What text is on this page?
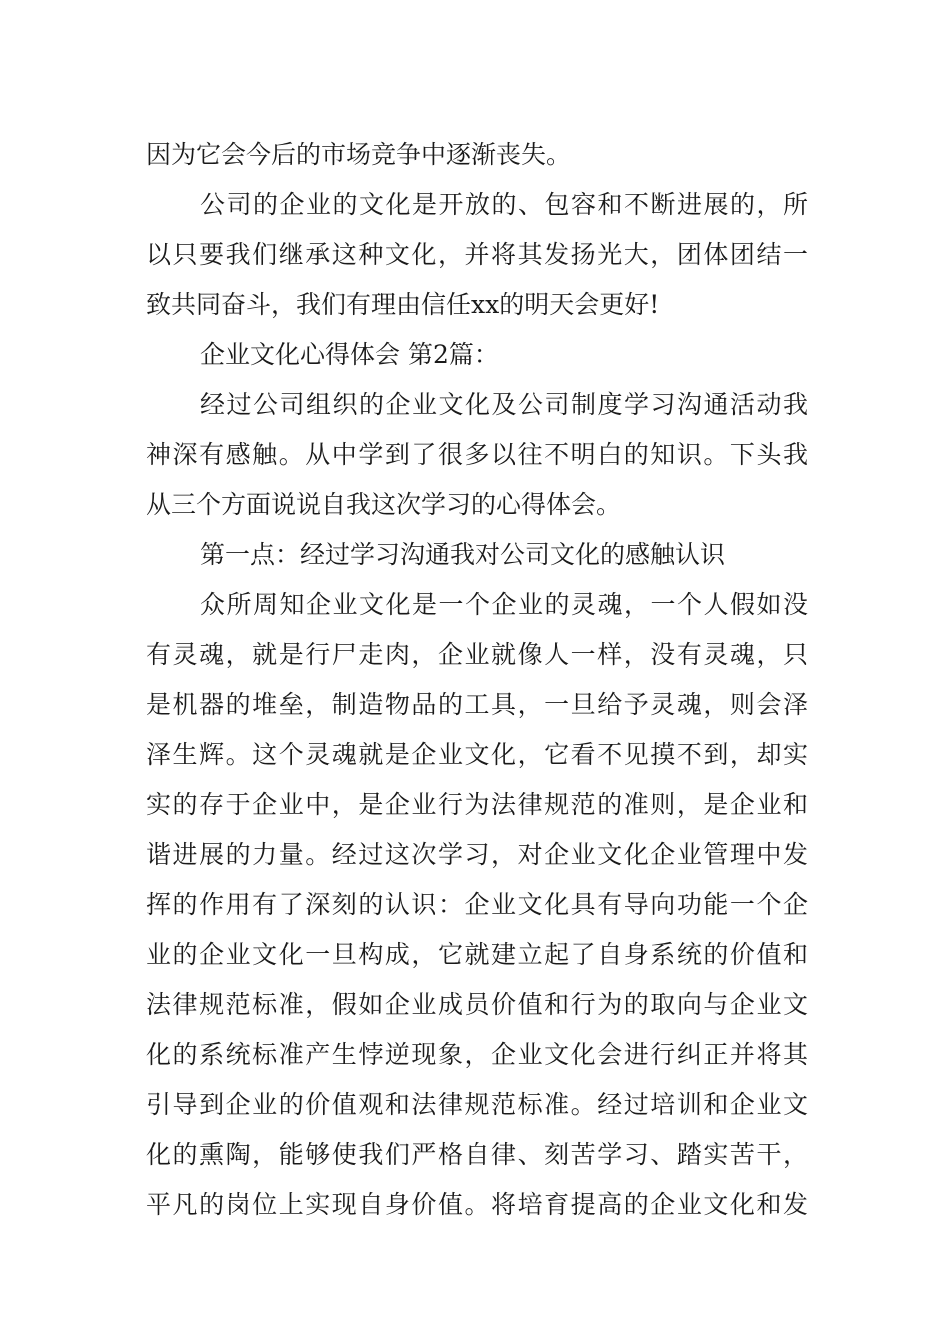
因为它会今后的市场竞争中逐渐丧失。
公司的企业的文化是开放的、包容和不断进展的，所
以只要我们继承这种文化，并将其发扬光大，团体团结一
致共同奋斗，我们有理由信任xx的明天会更好!
企业文化心得体会 第2篇：
经过公司组织的企业文化及公司制度学习沟通活动我
神深有感触。从中学到了很多以往不明白的知识。下头我
从三个方面说说自我这次学习的心得体会。
第一点：经过学习沟通我对公司文化的感触认识
众所周知企业文化是一个企业的灵魂，一个人假如没
有灵魂，就是行尸走肉，企业就像人一样，没有灵魂，只
是机器的堆垒，制造物品的工具，一旦给予灵魂，则会泽
泽生辉。这个灵魂就是企业文化，它看不见摸不到，却实
实的存于企业中，是企业行为法律规范的准则，是企业和
谐进展的力量。经过这次学习，对企业文化企业管理中发
挥的作用有了深刻的认识：企业文化具有导向功能一个企
业的企业文化一旦构成，它就建立起了自身系统的价值和
法律规范标准，假如企业成员价值和行为的取向与企业文
化的系统标准产生悖逆现象，企业文化会进行纠正并将其
引导到企业的价值观和法律规范标准。经过培训和企业文
化的熏陶，能够使我们严格自律、刻苦学习、踏实苦干，
平凡的岗位上实现自身价值。将培育提高的企业文化和发
